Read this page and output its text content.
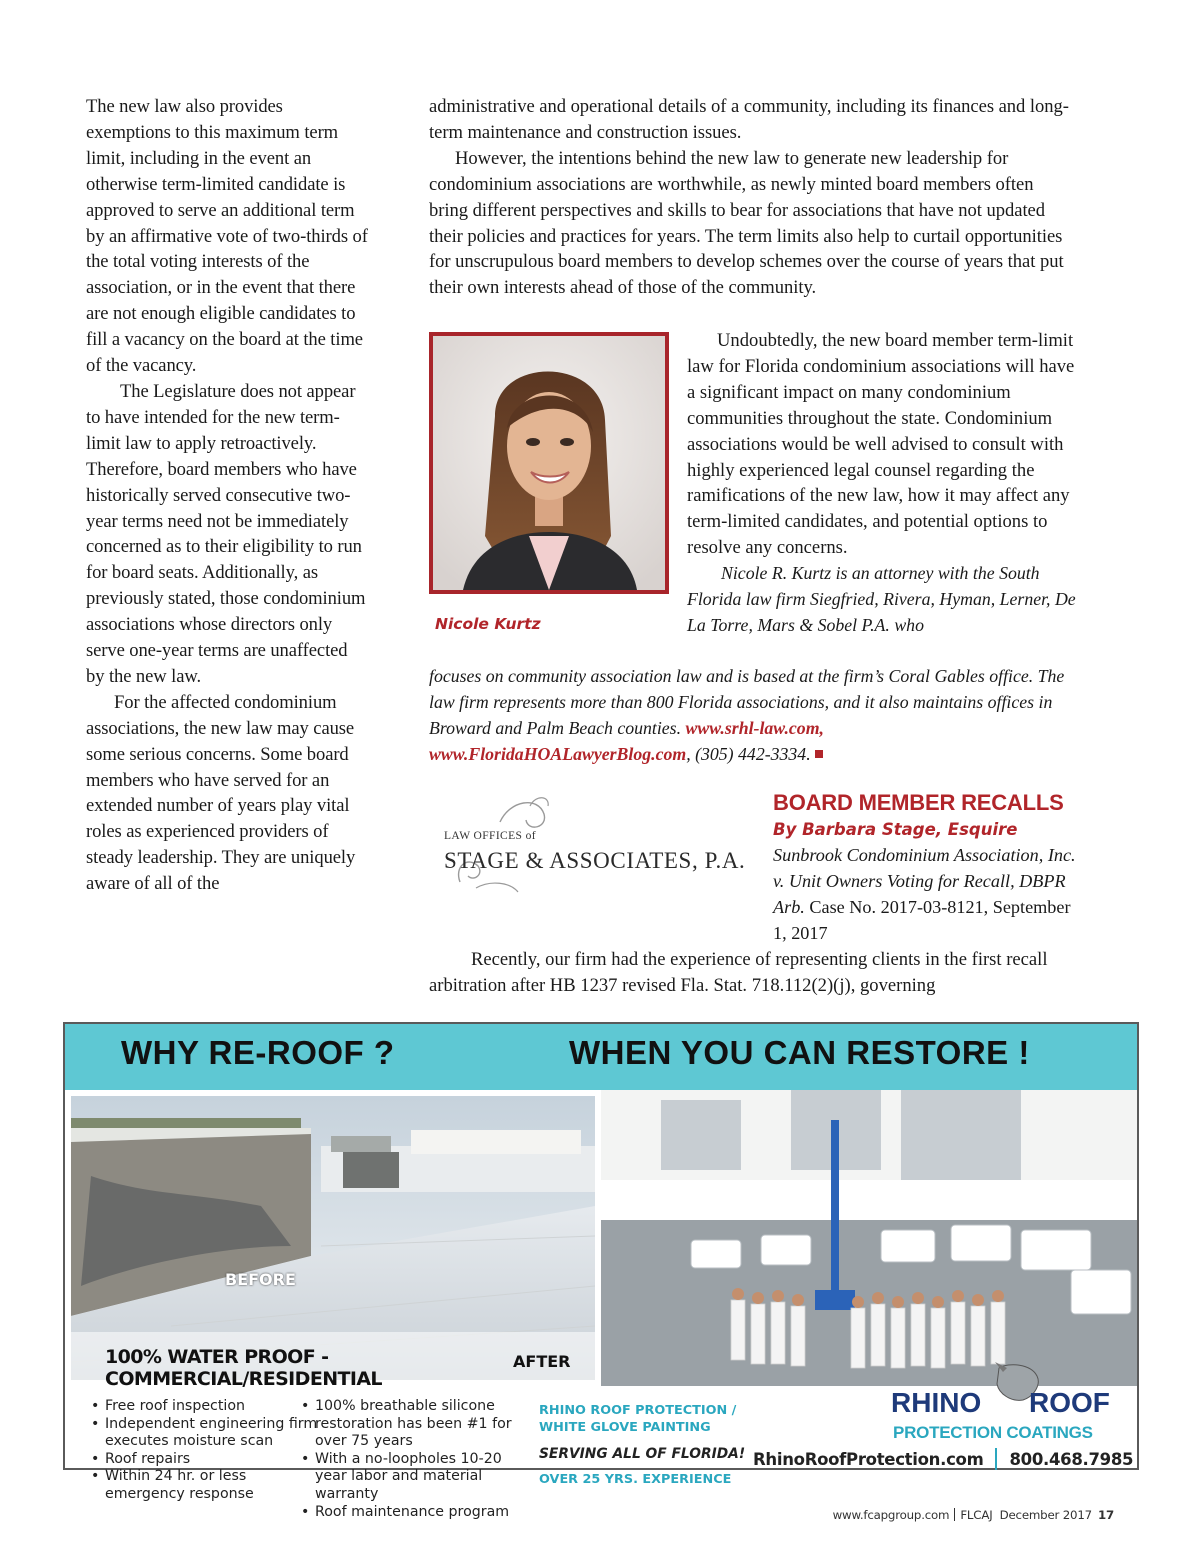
The new law also provides exemptions to this maximum term limit, including in the event an otherwise term-limited candidate is approved to serve an additional term by an affirmative vote of two-thirds of the total voting interests of the association, or in the event that there are not enough eligible candidates to fill a vacancy on the board at the time of the vacancy.

The Legislature does not appear to have intended for the new term-limit law to apply retroactively. Therefore, board members who have historically served consecutive two-year terms need not be immediately concerned as to their eligibility to run for board seats. Additionally, as previously stated, those condominium associations whose directors only serve one-year terms are unaffected by the new law.

For the affected condominium associations, the new law may cause some serious concerns. Some board members who have served for an extended number of years play vital roles as experienced providers of steady leadership. They are uniquely aware of all of the

administrative and operational details of a community, including its finances and long-term maintenance and construction issues.

However, the intentions behind the new law to generate new leadership for condominium associations are worthwhile, as newly minted board members often bring different perspectives and skills to bear for associations that have not updated their policies and practices for years. The term limits also help to curtail opportunities for unscrupulous board members to develop schemes over the course of years that put their own interests ahead of those of the community.

Nicole Kurtz

Undoubtedly, the new board member term-limit law for Florida condominium associations will have a significant impact on many condominium communities throughout the state. Condominium associations would be well advised to consult with highly experienced legal counsel regarding the ramifications of the new law, how it may affect any term-limited candidates, and potential options to resolve any concerns.

Nicole R. Kurtz is an attorney with the South Florida law firm Siegfried, Rivera, Hyman, Lerner, De La Torre, Mars & Sobel P.A. who

focuses on community association law and is based at the firm’s Coral Gables office. The law firm represents more than 800 Florida associations, and it also maintains offices in Broward and Palm Beach counties. www.srhl-law.com, www.FloridaHOALawyerBlog.com, (305) 442-3334.
LAW OFFICES of
STAGE & ASSOCIATES, P.A.
BOARD MEMBER RECALLS
By Barbara Stage, Esquire
Sunbrook Condominium Association, Inc. v. Unit Owners Voting for Recall, DBPR Arb. Case No. 2017-03-8121, September 1, 2017

Recently, our firm had the experience of representing clients in the first recall arbitration after HB 1237 revised Fla. Stat. 718.112(2)(j), governing

WHY RE-ROOF ?	WHEN YOU CAN RESTORE !
BEFORE
100% WATER PROOF - COMMERCIAL/RESIDENTIAL
AFTER
• Free roof inspection
• Independent engineering firm executes moisture scan
• Roof repairs
• Within 24 hr. or less emergency response
• 100% breathable silicone restoration has been #1 for over 75 years
• With a no-loopholes 10-20 year labor and material warranty
• Roof maintenance program
RHINO ROOF PROTECTION / WHITE GLOVE PAINTING
SERVING ALL OF FLORIDA!
OVER 25 YRS. EXPERIENCE
RHINO ROOF
PROTECTION COATINGS
RhinoRoofProtection.com 800.468.7985
www.fcapgroup.com FLCAJ December 2017 17
